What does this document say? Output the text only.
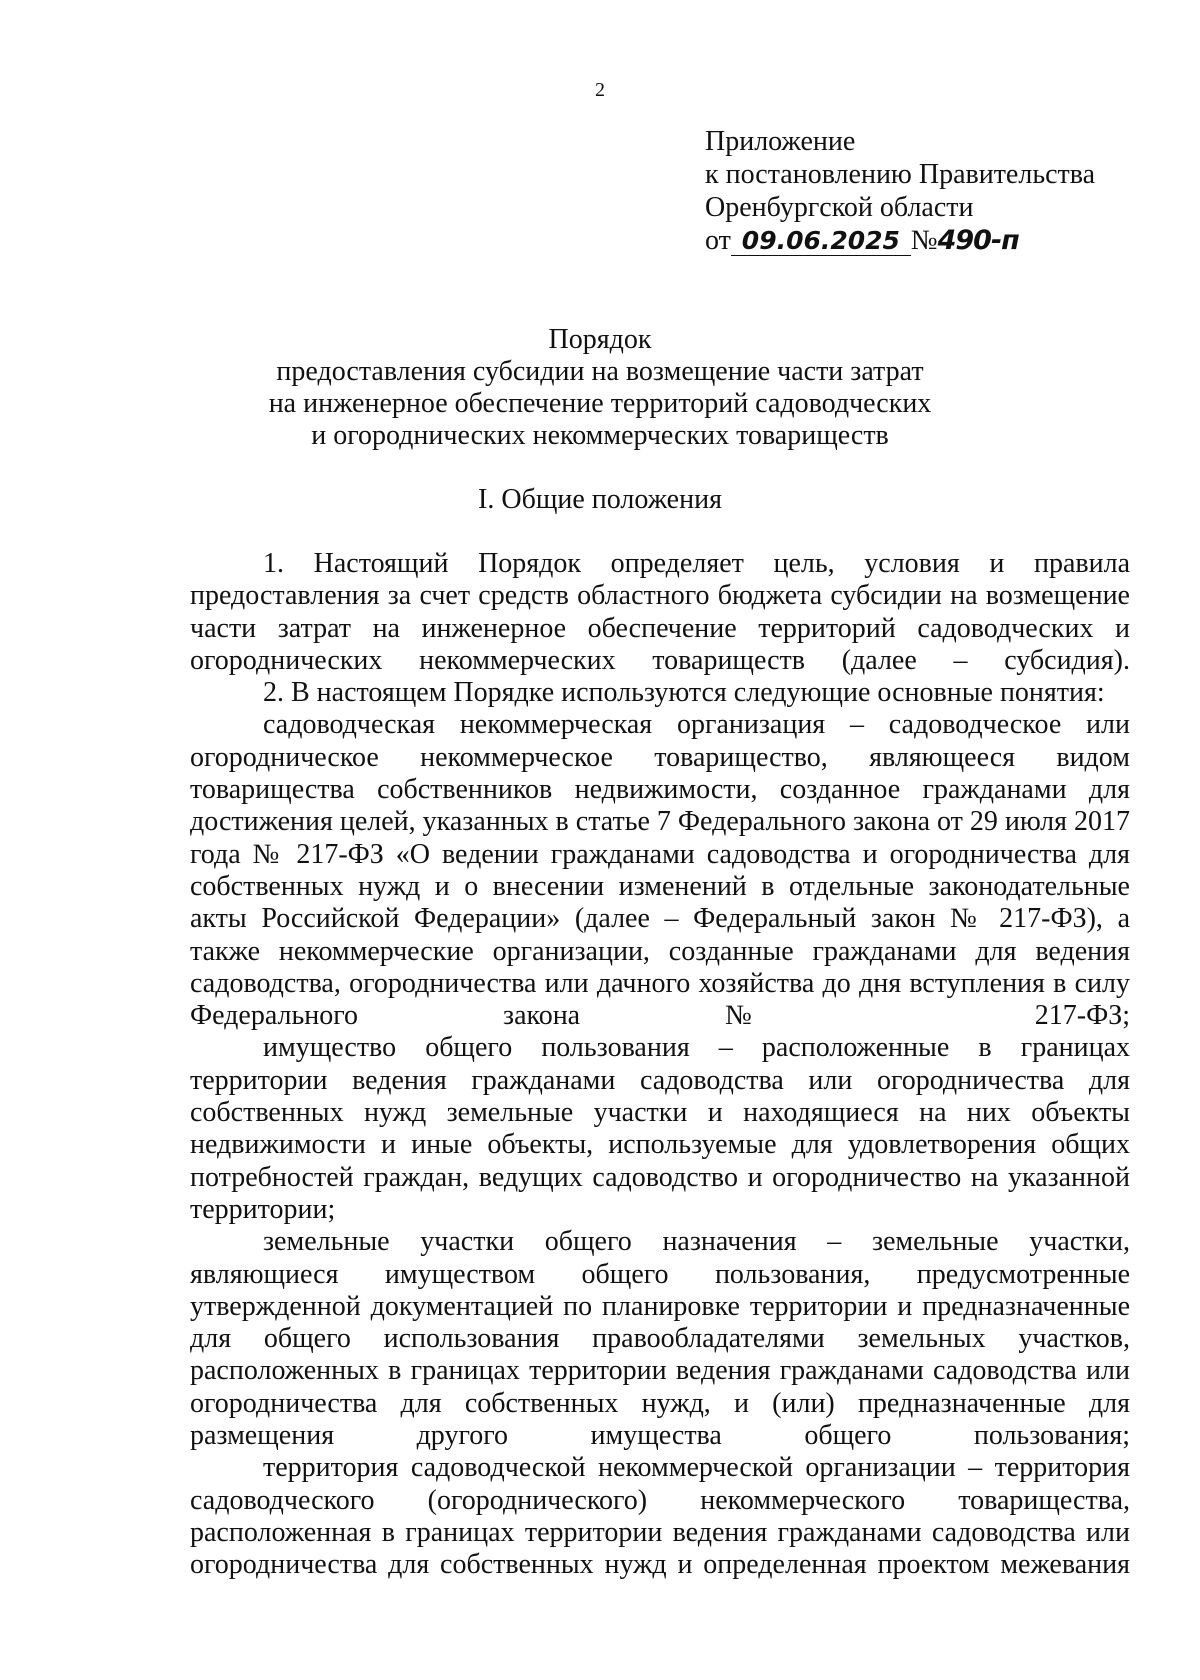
2
Приложение
к постановлению Правительства
Оренбургской области
от 09.06.2025 №490-п
Порядок
предоставления субсидии на возмещение части затрат
на инженерное обеспечение территорий садоводческих
и огороднических некоммерческих товариществ
I. Общие положения

1. Настоящий Порядок определяет цель, условия и правила предоставления за счет средств областного бюджета субсидии на возмещение части затрат на инженерное обеспечение территорий садоводческих и огороднических некоммерческих товариществ (далее – субсидия).

2. В настоящем Порядке используются следующие основные понятия:

садоводческая некоммерческая организация – садоводческое или огородническое некоммерческое товарищество, являющееся видом товарищества собственников недвижимости, созданное гражданами для достижения целей, указанных в статье 7 Федерального закона от 29 июля 2017 года № 217-ФЗ «О ведении гражданами садоводства и огородничества для собственных нужд и о внесении изменений в отдельные законодательные акты Российской Федерации» (далее – Федеральный закон № 217-ФЗ), а также некоммерческие организации, созданные гражданами для ведения садоводства, огородничества или дачного хозяйства до дня вступления в силу Федерального закона № 217-ФЗ;

имущество общего пользования – расположенные в границах территории ведения гражданами садоводства или огородничества для собственных нужд земельные участки и находящиеся на них объекты недвижимости и иные объекты, используемые для удовлетворения общих потребностей граждан, ведущих садоводство и огородничество на указанной территории;

земельные участки общего назначения – земельные участки, являющиеся имуществом общего пользования, предусмотренные утвержденной документацией по планировке территории и предназначенные для общего использования правообладателями земельных участков, расположенных в границах территории ведения гражданами садоводства или огородничества для собственных нужд, и (или) предназначенные для размещения другого имущества общего пользования;

территория садоводческой некоммерческой организации – территория садоводческого (огороднического) некоммерческого товарищества, расположенная в границах территории ведения гражданами садоводства или огородничества для собственных нужд и определенная проектом межевания
